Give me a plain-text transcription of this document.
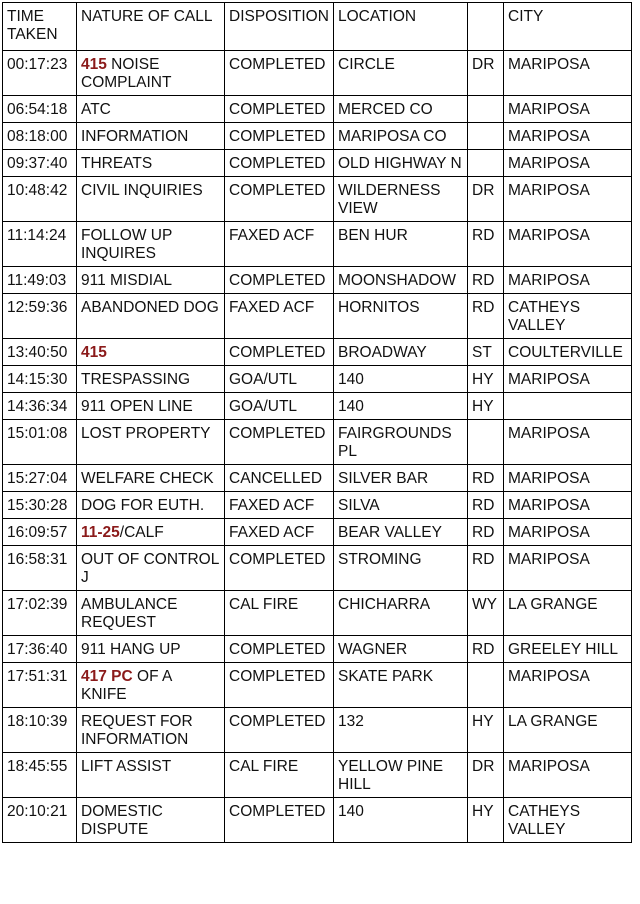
TIME TAKEN	NATURE OF CALL	DISPOSITION	LOCATION		CITY
00:17:23	415 NOISE COMPLAINT	COMPLETED	CIRCLE	DR	MARIPOSA
06:54:18	ATC	COMPLETED	MERCED CO		MARIPOSA
08:18:00	INFORMATION	COMPLETED	MARIPOSA CO		MARIPOSA
09:37:40	THREATS	COMPLETED	OLD HIGHWAY N		MARIPOSA
10:48:42	CIVIL INQUIRIES	COMPLETED	WILDERNESS VIEW	DR	MARIPOSA
11:14:24	FOLLOW UP INQUIRES	FAXED ACF	BEN HUR	RD	MARIPOSA
11:49:03	911 MISDIAL	COMPLETED	MOONSHADOW	RD	MARIPOSA
12:59:36	ABANDONED DOG	FAXED ACF	HORNITOS	RD	CATHEYS VALLEY
13:40:50	415	COMPLETED	BROADWAY	ST	COULTERVILLE
14:15:30	TRESPASSING	GOA/UTL	140	HY	MARIPOSA
14:36:34	911 OPEN LINE	GOA/UTL	140	HY	
15:01:08	LOST PROPERTY	COMPLETED	FAIRGROUNDS PL		MARIPOSA
15:27:04	WELFARE CHECK	CANCELLED	SILVER BAR	RD	MARIPOSA
15:30:28	DOG FOR EUTH.	FAXED ACF	SILVA	RD	MARIPOSA
16:09:57	11-25/CALF	FAXED ACF	BEAR VALLEY	RD	MARIPOSA
16:58:31	OUT OF CONTROL J	COMPLETED	STROMING	RD	MARIPOSA
17:02:39	AMBULANCE REQUEST	CAL FIRE	CHICHARRA	WY	LA GRANGE
17:36:40	911 HANG UP	COMPLETED	WAGNER	RD	GREELEY HILL
17:51:31	417 PC OF A KNIFE	COMPLETED	SKATE PARK		MARIPOSA
18:10:39	REQUEST FOR INFORMATION	COMPLETED	132	HY	LA GRANGE
18:45:55	LIFT ASSIST	CAL FIRE	YELLOW PINE HILL	DR	MARIPOSA
20:10:21	DOMESTIC DISPUTE	COMPLETED	140	HY	CATHEYS VALLEY
